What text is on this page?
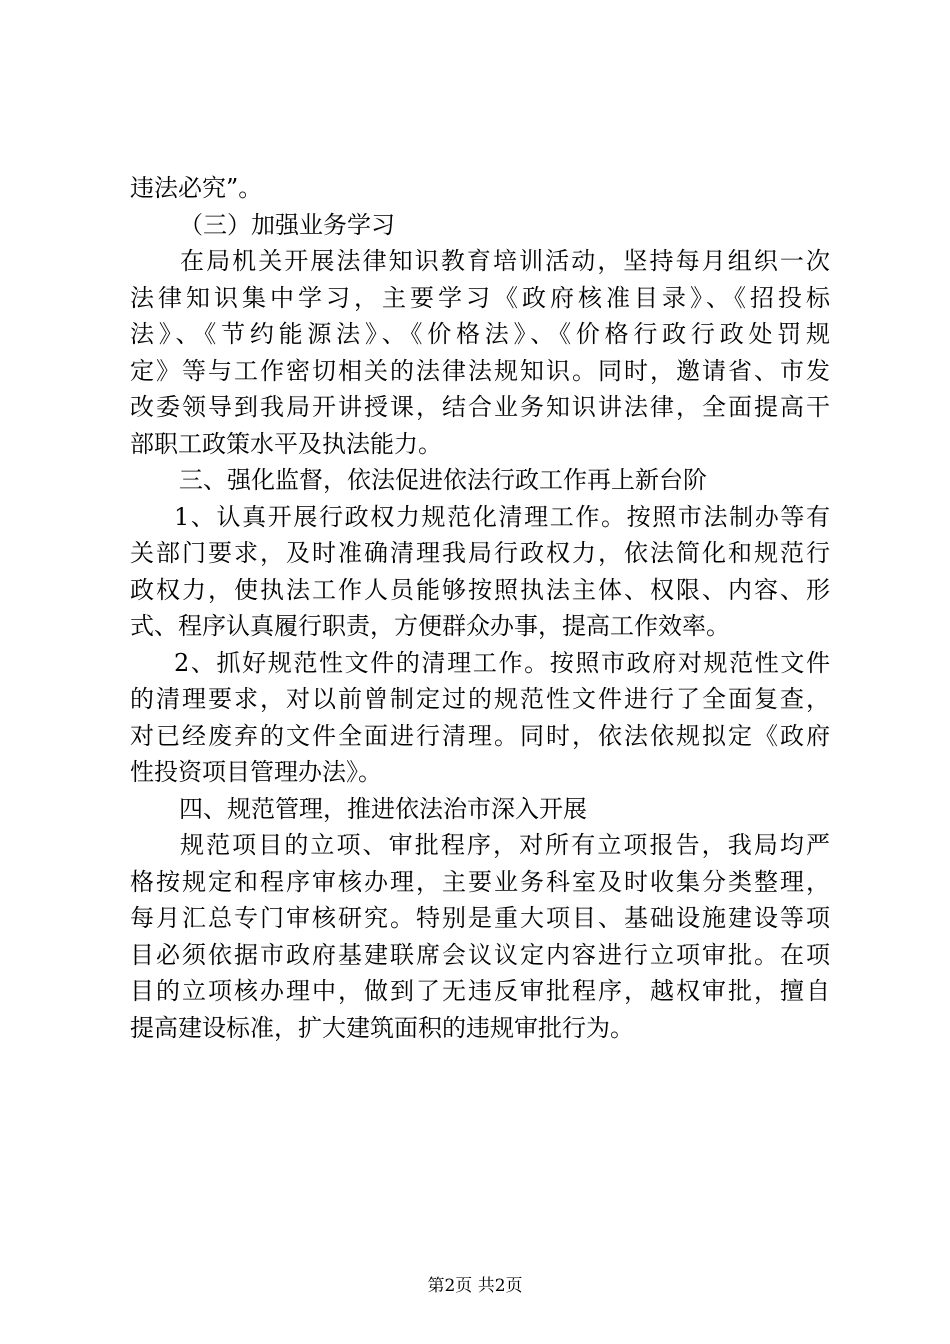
违法必究”。
（三）加强业务学习
在局机关开展法律知识教育培训活动，坚持每月组织一次
法律知识集中学习，主要学习《政府核准目录》、《招投标
法》、《节约能源法》、《价格法》、《价格行政行政处罚规
定》等与工作密切相关的法律法规知识。同时，邀请省、市发
改委领导到我局开讲授课，结合业务知识讲法律，全面提高干
部职工政策水平及执法能力。
三、强化监督，依法促进依法行政工作再上新台阶
1、认真开展行政权力规范化清理工作。按照市法制办等有
关部门要求，及时准确清理我局行政权力，依法简化和规范行
政权力，使执法工作人员能够按照执法主体、权限、内容、形
式、程序认真履行职责，方便群众办事，提高工作效率。
2、抓好规范性文件的清理工作。按照市政府对规范性文件
的清理要求，对以前曾制定过的规范性文件进行了全面复查，
对已经废弃的文件全面进行清理。同时，依法依规拟定《政府
性投资项目管理办法》。
四、规范管理，推进依法治市深入开展
规范项目的立项、审批程序，对所有立项报告，我局均严
格按规定和程序审核办理，主要业务科室及时收集分类整理，
每月汇总专门审核研究。特别是重大项目、基础设施建设等项
目必须依据市政府基建联席会议议定内容进行立项审批。在项
目的立项核办理中，做到了无违反审批程序，越权审批，擅自
提高建设标准，扩大建筑面积的违规审批行为。
第2页 共2页
